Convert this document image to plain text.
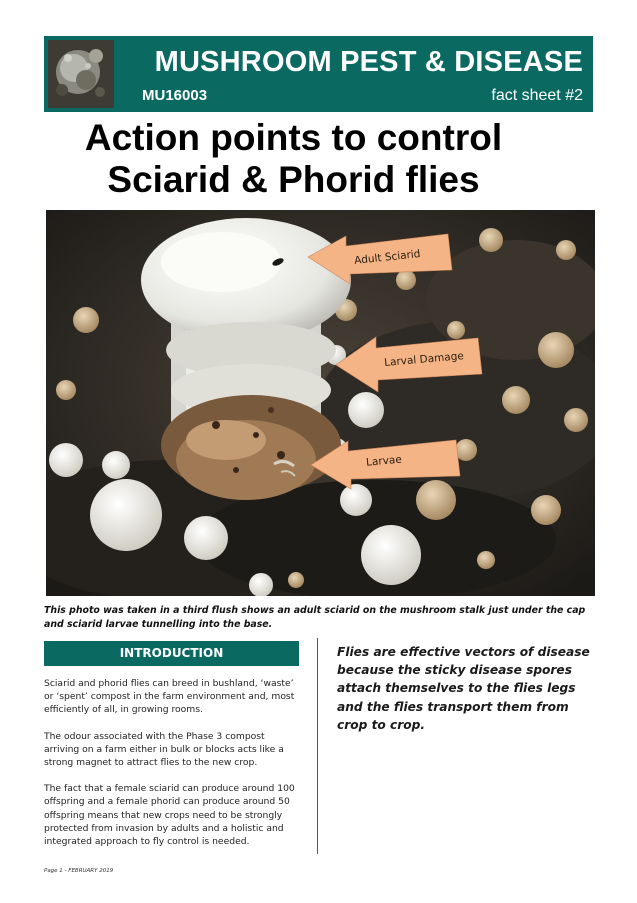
MUSHROOM PEST & DISEASE
MU16003	fact sheet #2
Action points to control
Sciarid & Phorid flies
Adult Sciarid
Larval Damage
Larvae
This photo was taken in a third flush shows an adult sciarid on the mushroom stalk just under the cap and sciarid larvae tunnelling into the base.
INTRODUCTION

Sciarid and phorid flies can breed in bushland, ‘waste’ or ‘spent’ compost in the farm environment and, most efficiently of all, in growing rooms.

The odour associated with the Phase 3 compost arriving on a farm either in bulk or blocks acts like a strong magnet to attract flies to the new crop.

The fact that a female sciarid can produce around 100 offspring and a female phorid can produce around 50 offspring means that new crops need to be strongly protected from invasion by adults and a holistic and integrated approach to fly control is needed.

Flies are effective vectors of disease because the sticky disease spores attach themselves to the flies legs and the flies transport them from crop to crop.
Page 1 - FEBRUARY 2019
